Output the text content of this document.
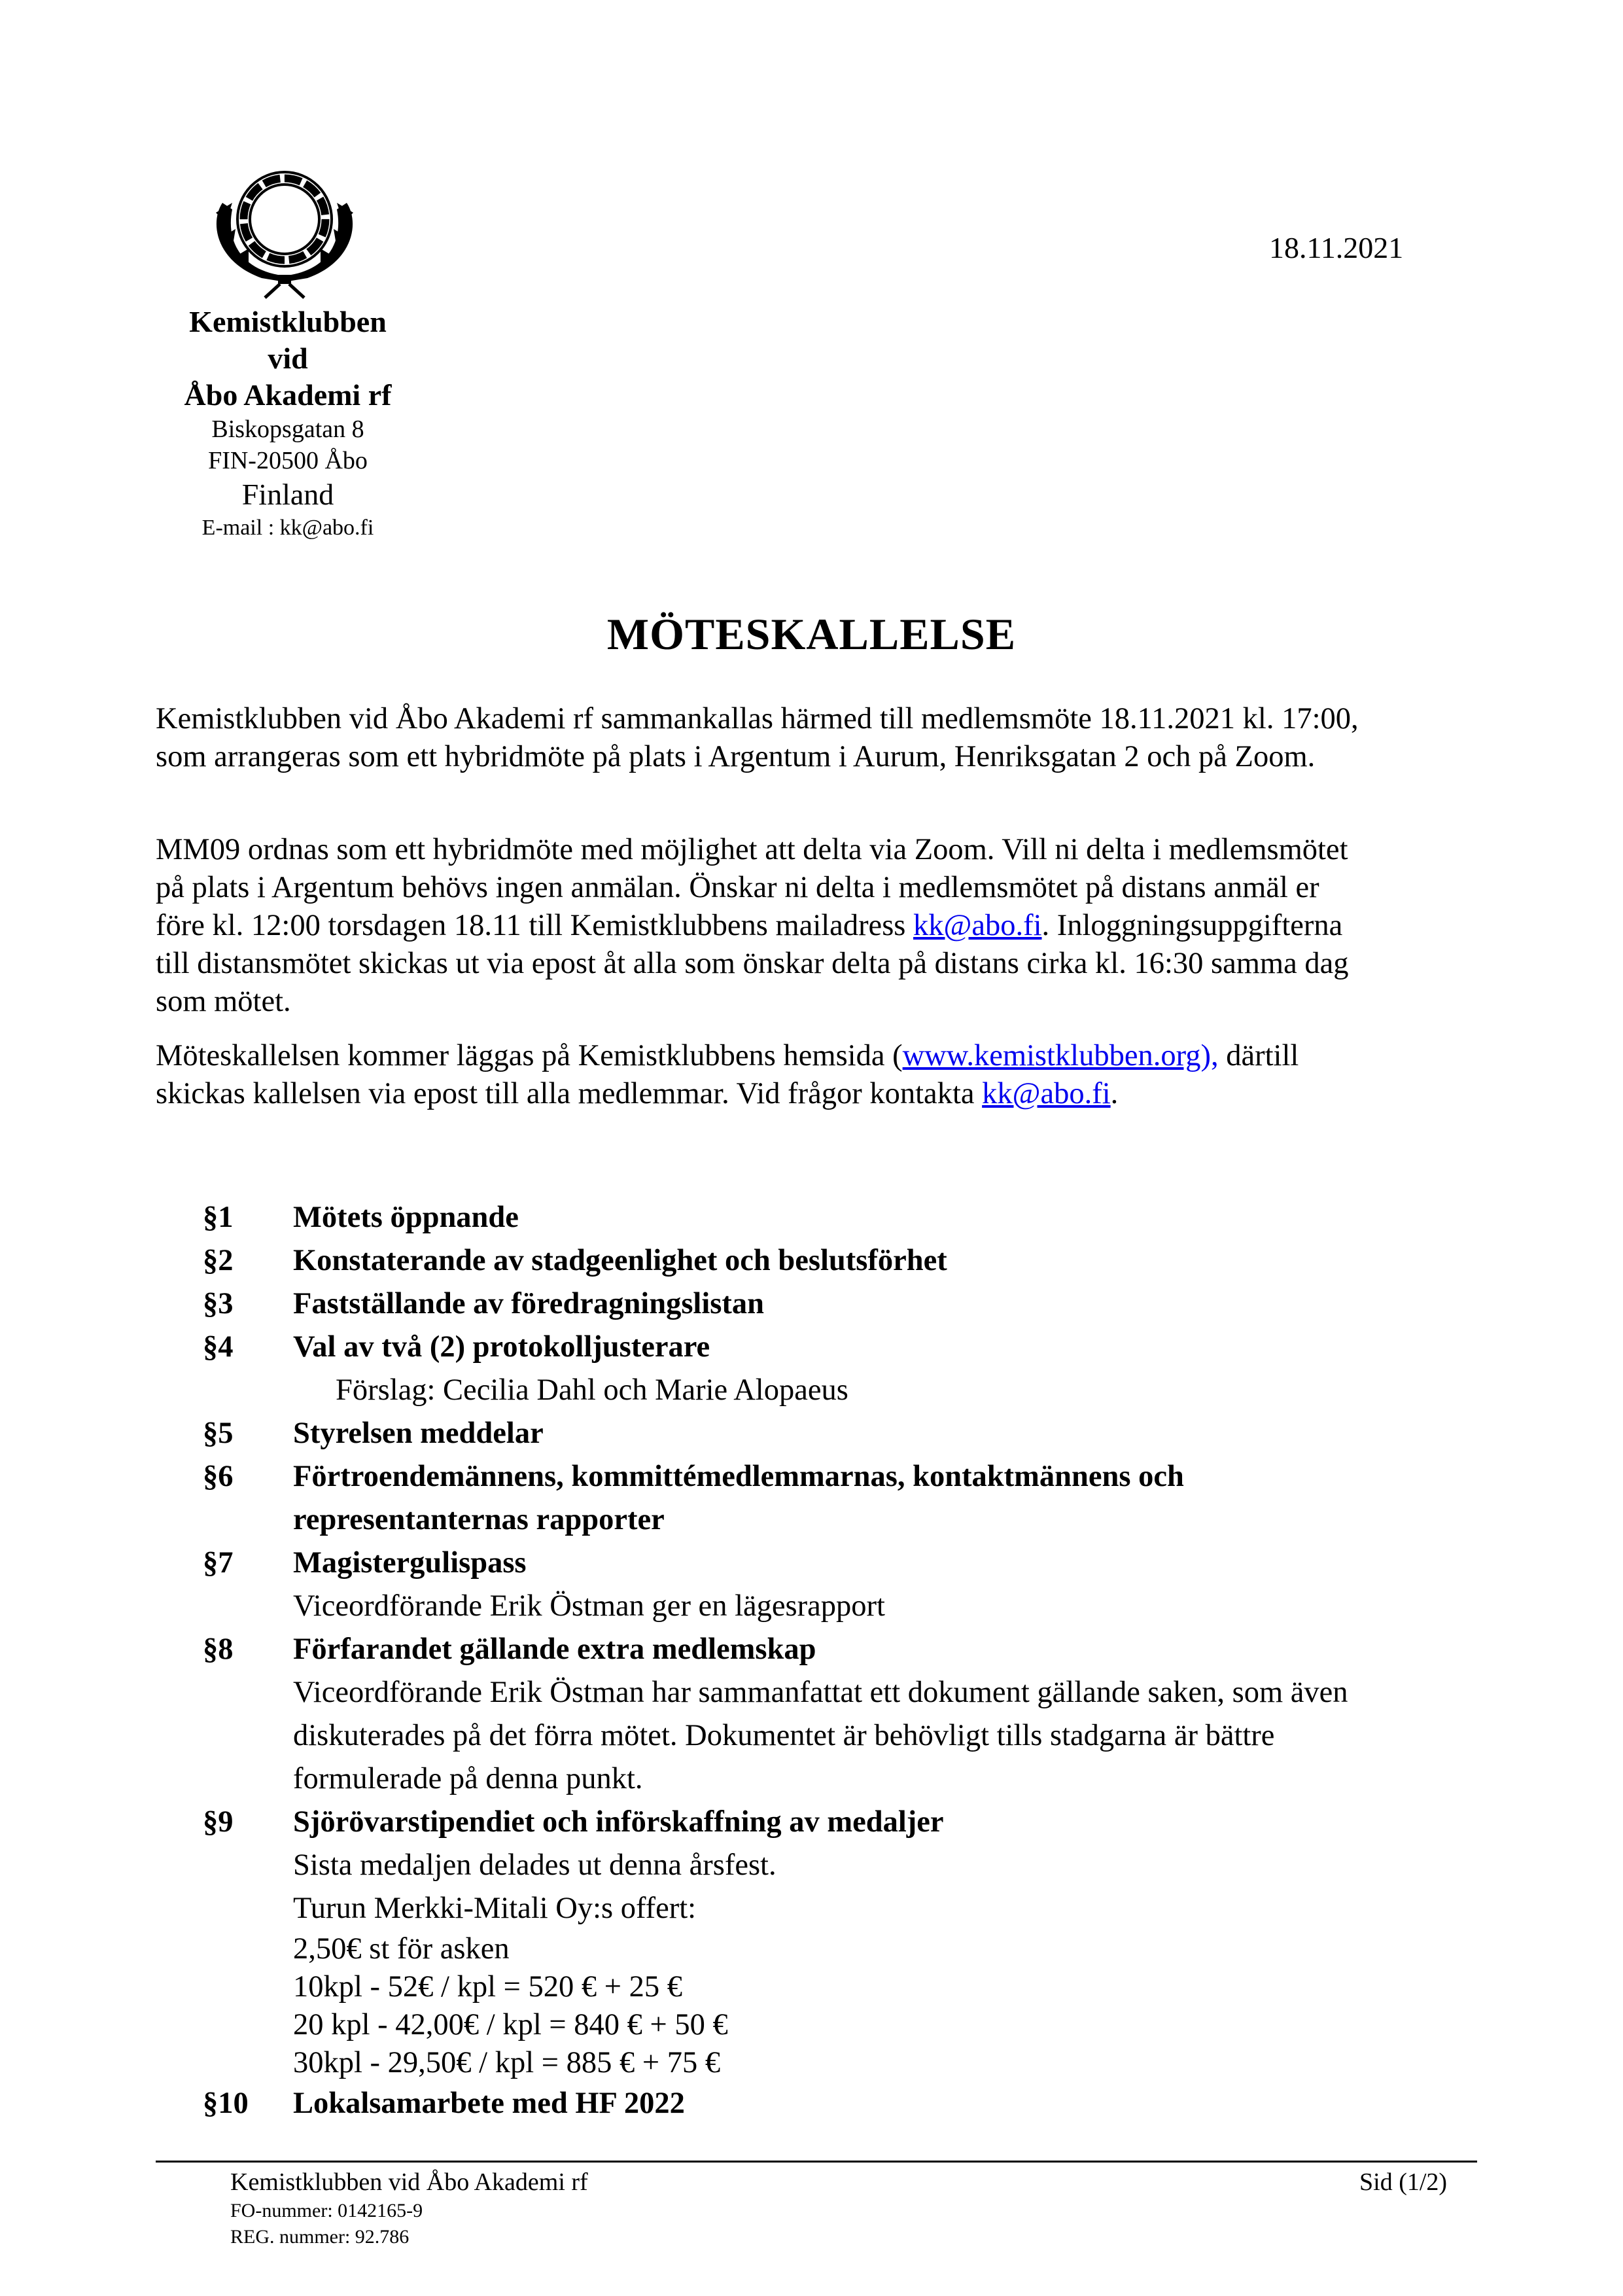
Kemistklubben
vid
Åbo Akademi rf
Biskopsgatan 8
FIN-20500 Åbo
Finland
E-mail : kk@abo.fi
18.11.2021
MÖTESKALLELSE
Kemistklubben vid Åbo Akademi rf sammankallas härmed till medlemsmöte 18.11.2021 kl. 17:00,
som arrangeras som ett hybridmöte på plats i Argentum i Aurum, Henriksgatan 2 och på Zoom.
MM09 ordnas som ett hybridmöte med möjlighet att delta via Zoom. Vill ni delta i medlemsmötet
på plats i Argentum behövs ingen anmälan. Önskar ni delta i medlemsmötet på distans anmäl er
före kl. 12:00 torsdagen 18.11 till Kemistklubbens mailadress kk@abo.fi. Inloggningsuppgifterna
till distansmötet skickas ut via epost åt alla som önskar delta på distans cirka kl. 16:30 samma dag
som mötet.
Möteskallelsen kommer läggas på Kemistklubbens hemsida (www.kemistklubben.org), därtill
skickas kallelsen via epost till alla medlemmar. Vid frågor kontakta kk@abo.fi.
§1	Mötets öppnande
§2	Konstaterande av stadgeenlighet och beslutsförhet
§3	Fastställande av föredragningslistan
§4	Val av två (2) protokolljusterare
Förslag: Cecilia Dahl och Marie Alopaeus
§5	Styrelsen meddelar
§6	Förtroendemännens, kommittémedlemmarnas, kontaktmännens och
representanternas rapporter
§7	Magistergulispass
Viceordförande Erik Östman ger en lägesrapport
§8	Förfarandet gällande extra medlemskap
Viceordförande Erik Östman har sammanfattat ett dokument gällande saken, som även
diskuterades på det förra mötet. Dokumentet är behövligt tills stadgarna är bättre
formulerade på denna punkt.
§9	Sjörövarstipendiet och införskaffning av medaljer
Sista medaljen delades ut denna årsfest.
Turun Merkki-Mitali Oy:s offert:
2,50€ st för asken
10kpl - 52€ / kpl = 520 € + 25 €
20 kpl - 42,00€ / kpl = 840 € + 50 €
30kpl - 29,50€ / kpl = 885 € + 75 €
§10	Lokalsamarbete med HF 2022
Kemistklubben vid Åbo Akademi rf
FO-nummer: 0142165-9
REG. nummer: 92.786
Sid (1/2)
